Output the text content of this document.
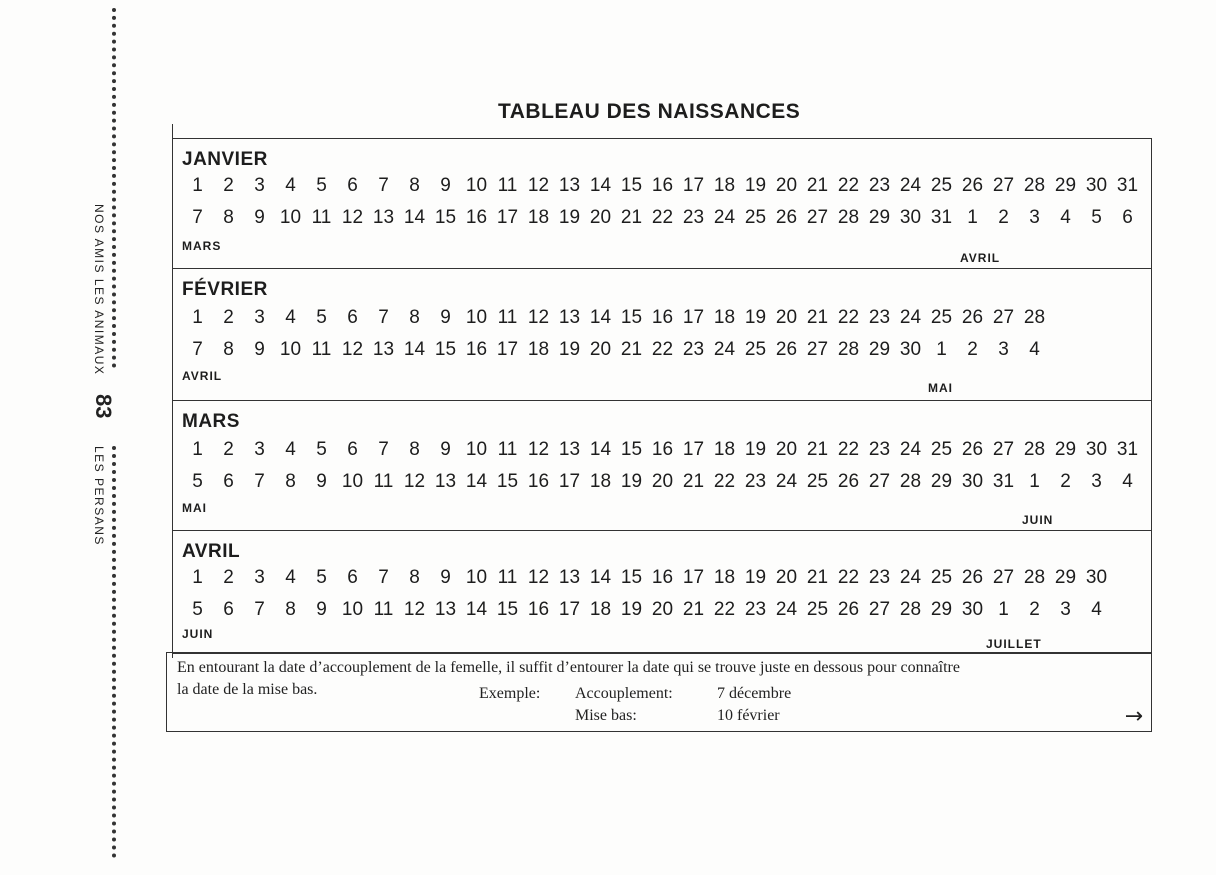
NOS AMIS LES ANIMAUX
83
LES PERSANS
TABLEAU DES NAISSANCES
JANVIER
1	2	3	4	5	6	7	8	9 10 11 12 13 14 15 16 17 18 19 20 21 22 23 24 25 26 27 28 29 30 31
7	8	9 10 11 12 13 14 15 16 17 18 19 20 21 22 23 24 25 26 27 28 29 30 31 1	2	3	4	5	6
MARS
AVRIL
FÉVRIER
1	2	3	4	5	6	7	8	9 10 11 12 13 14 15 16 17 18 19 20 21 22 23 24 25 26 27 28
7	8	9 10 11 12 13 14 15 16 17 18 19 20 21 22 23 24 25 26 27 28 29 30 1	2	3	4
AVRIL
MAI
MARS
1	2	3	4	5	6	7	8	9 10 11 12 13 14 15 16 17 18 19 20 21 22 23 24 25 26 27 28 29 30 31
5	6	7	8	9 10 11 12 13 14 15 16 17 18 19 20 21 22 23 24 25 26 27 28 29 30 31 1	2	3	4
MAI
JUIN
AVRIL
1	2	3	4	5	6	7	8	9 10 11 12 13 14 15 16 17 18 19 20 21 22 23 24 25 26 27 28 29 30
5	6	7	8	9 10 11 12 13 14 15 16 17 18 19 20 21 22 23 24 25 26 27 28 29 30 1	2	3	4
JUIN
JUILLET
En entourant la date d’accouplement de la femelle, il suffit d’entourer la date qui se trouve juste en dessous pour connaître
la date de la mise bas.	Exemple: Accouplement:	7 décembre
Mise bas:	10 février	→
